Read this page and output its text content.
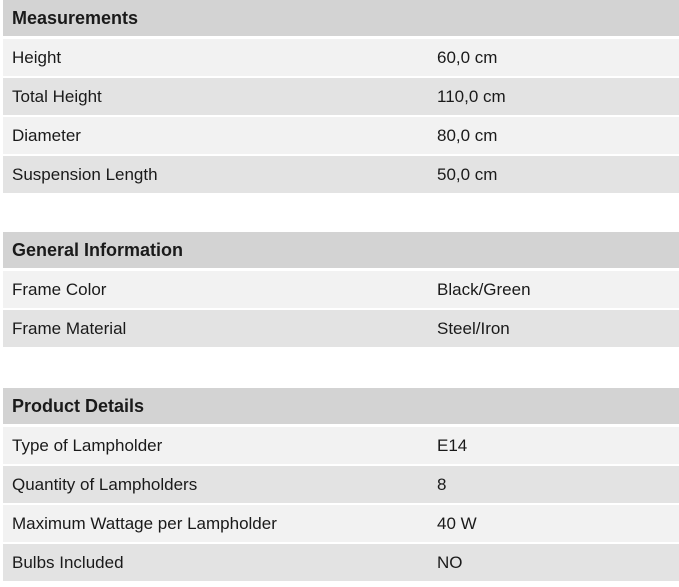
Measurements
Height	60,0 cm
Total Height	110,0 cm
Diameter	80,0 cm
Suspension Length	50,0 cm
General Information
Frame Color	Black/Green
Frame Material	Steel/Iron
Product Details
Type of Lampholder	E14
Quantity of Lampholders	8
Maximum Wattage per Lampholder	40 W
Bulbs Included	NO
